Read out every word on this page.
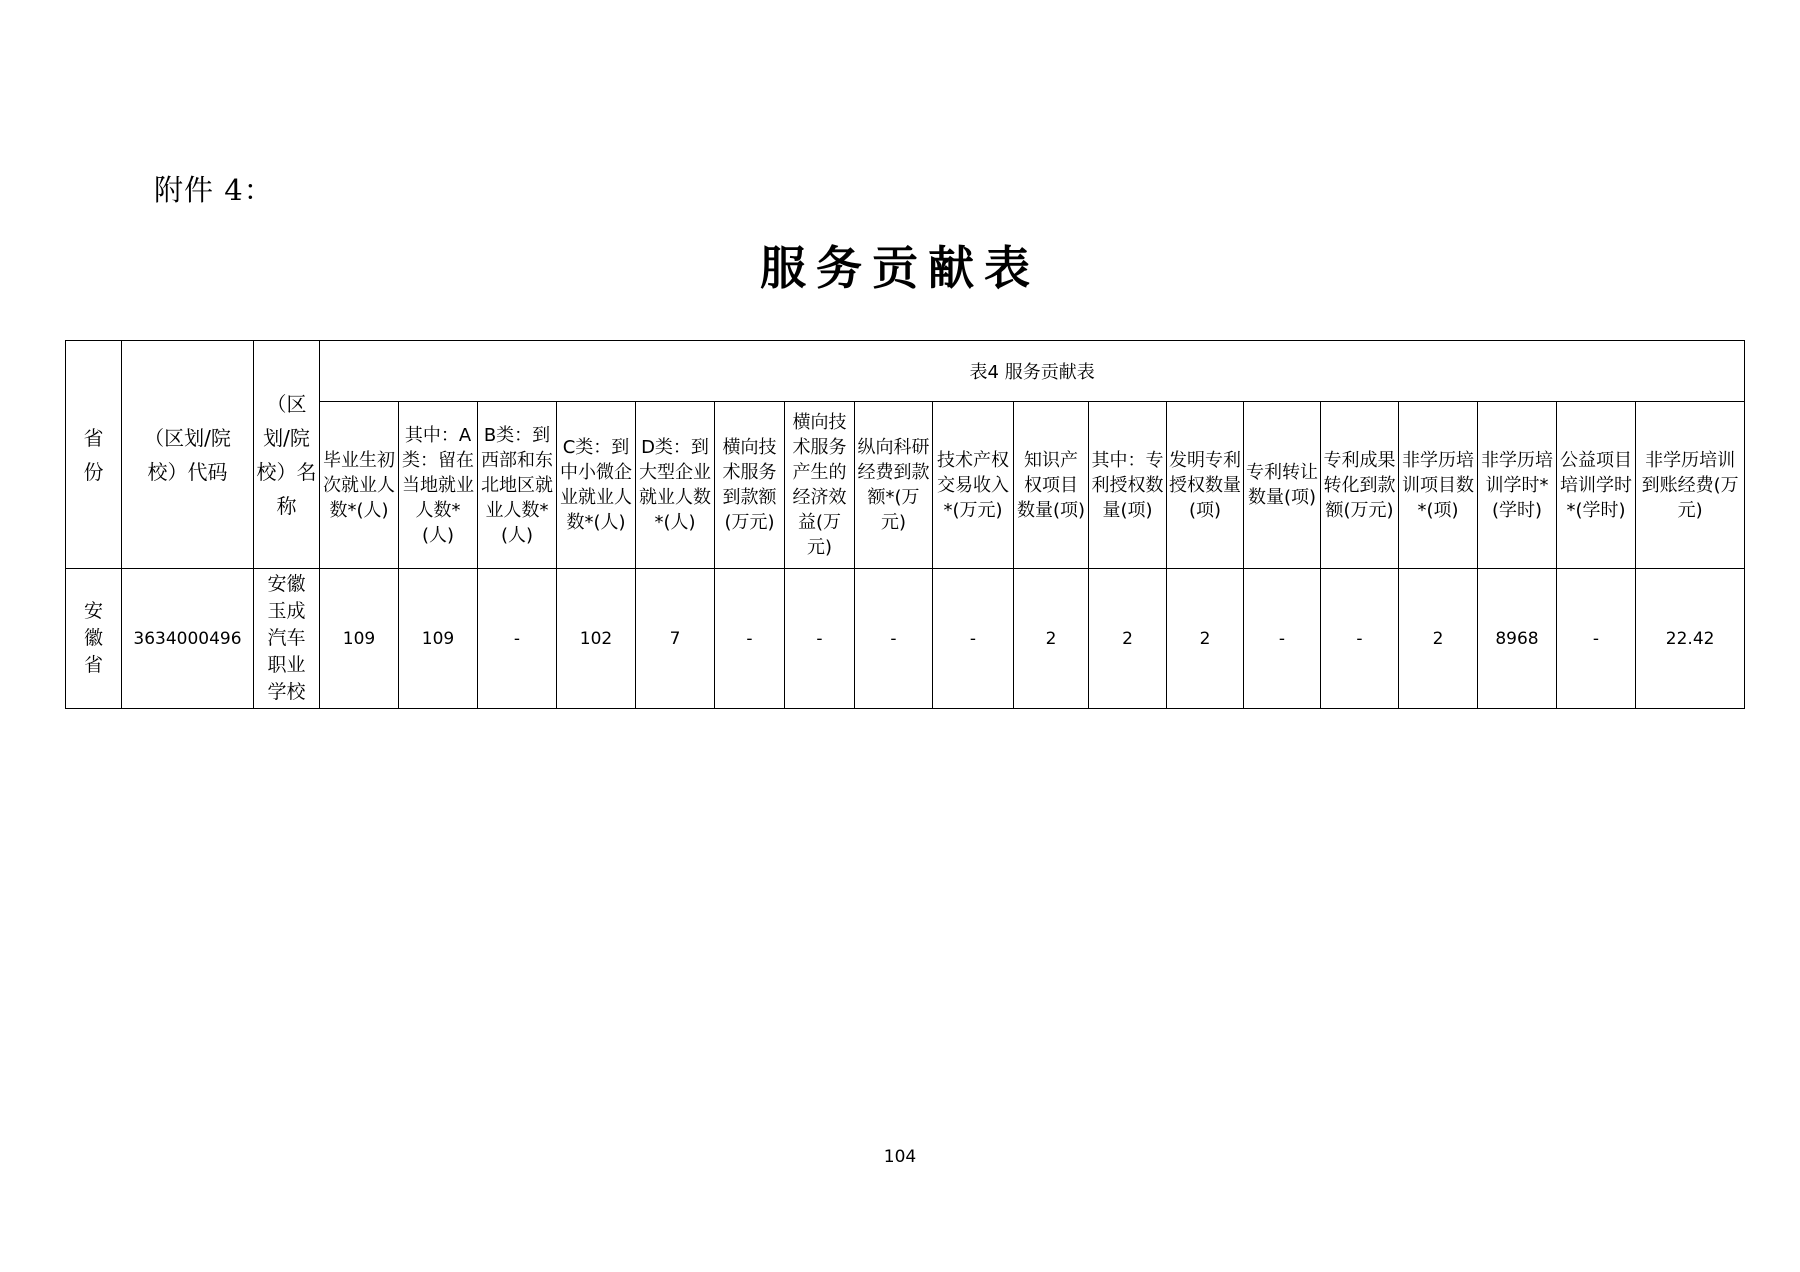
附件 4：
服务贡献表
省份	（区划/院校）代码	（区划/院校）名称	表4 服务贡献表																	
			毕业生初次就业人数*(人)	其中：A类：留在当地就业人数*(人)	B类：到西部和东北地区就业人数*(人)	C类：到中小微企业就业人数*(人)	D类：到大型企业就业人数*(人)	横向技术服务到款额(万元)	横向技术服务产生的经济效益(万元)	纵向科研经费到款额*(万元)	技术产权交易收入*(万元)	知识产权项目数量(项)	其中：专利授权数量(项)	发明专利授权数量(项)	专利转让数量(项)	专利成果转化到款额(万元)	非学历培训项目数*(项)	非学历培训学时*(学时)	公益项目培训学时*(学时)	非学历培训到账经费(万元)

安徽省	3634000496	安徽玉成汽车职业学校	109	109	-	102	7	-	-	-	-	2	2	2	-	-	2	8968	-	22.42
104
